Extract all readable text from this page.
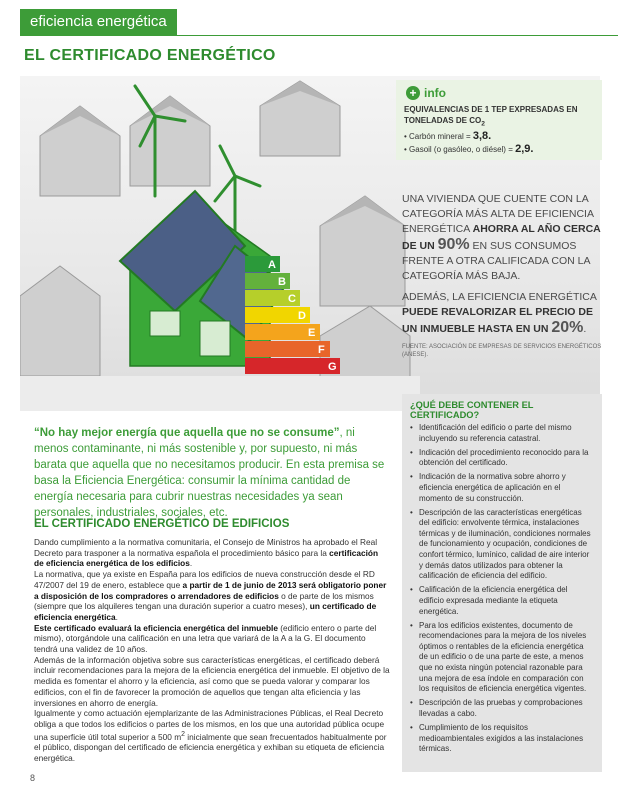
eficiencia energética
EL CERTIFICADO ENERGÉTICO
A
B
C
D
E
F
G
+ info
EQUIVALENCIAS DE 1 TEP EXPRESADAS EN TONELADAS DE $CO_2$
• Carbón mineral = 3,8.
• Gasoil (o gasóleo, o diésel) = 2,9.

UNA VIVIENDA QUE CUENTE CON LA CATEGORÍA MÁS ALTA DE EFICIENCIA ENERGÉTICA AHORRA AL AÑO CERCA DE UN 90% EN SUS CONSUMOS FRENTE A OTRA CALIFICADA CON LA CATEGORÍA MÁS BAJA.

ADEMÁS, LA EFICIENCIA ENERGÉTICA PUEDE REVALORIZAR EL PRECIO DE UN INMUEBLE HASTA EN UN 20%.

FUENTE: ASOCIACIÓN DE EMPRESAS DE SERVICIOS ENERGÉTICOS (ANESE).
“No hay mejor energía que aquella que no se consume”, ni menos contaminante, ni más sostenible y, por supuesto, ni más barata que aquella que no necesitamos producir. En esta premisa se basa la Eficiencia Energética: consumir la mínima cantidad de energía necesaria para cubrir nuestras necesidades ya sean personales, industriales, sociales, etc.
EL CERTIFICADO ENERGÉTICO DE EDIFICIOS

Dando cumplimiento a la normativa comunitaria, el Consejo de Ministros ha aprobado el Real Decreto para trasponer a la normativa española el procedimiento básico para la certificación de eficiencia energética de los edificios.

La normativa, que ya existe en España para los edificios de nueva construcción desde el RD 47/2007 del 19 de enero, establece que a partir de 1 de junio de 2013 será obligatorio poner a disposición de los compradores o arrendadores de edificios o de parte de los mismos (siempre que los alquileres tengan una duración superior a cuatro meses), un certificado de eficiencia energética.

Este certificado evaluará la eficiencia energética del inmueble (edificio entero o parte del mismo), otorgándole una calificación en una letra que variará de la A a la G. El documento tendrá una validez de 10 años.

Además de la información objetiva sobre sus características energéticas, el certificado deberá incluir recomendaciones para la mejora de la eficiencia energética del inmueble. El objetivo de la medida es fomentar el ahorro y la eficiencia, así como que se pueda valorar y comparar los edificios, con el fin de favorecer la promoción de aquellos que tengan alta eficiencia y las inversiones en ahorro de energía.

Igualmente y como actuación ejemplarizante de las Administraciones Públicas, el Real Decreto obliga a que todos los edificios o partes de los mismos, en los que una autoridad pública ocupe una superficie útil total superior a 500 $m^2$ inicialmente que sean frecuentados habitualmente por el público, dispongan del certificado de eficiencia energética y exhiban su etiqueta de eficiencia energética.

8
¿QUÉ DEBE CONTENER EL CERTIFICADO?
• Identificación del edificio o parte del mismo incluyendo su referencia catastral.
• Indicación del procedimiento reconocido para la obtención del certificado.
• Indicación de la normativa sobre ahorro y eficiencia energética de aplicación en el momento de su construcción.
• Descripción de las características energéticas del edificio: envolvente térmica, instalaciones térmicas y de iluminación, condiciones normales de funcionamiento y ocupación, condiciones de confort térmico, lumínico, calidad de aire interior y demás datos utilizados para obtener la calificación de eficiencia del edificio.
• Calificación de la eficiencia energética del edificio expresada mediante la etiqueta energética.
• Para los edificios existentes, documento de recomendaciones para la mejora de los niveles óptimos o rentables de la eficiencia energética de un edificio o de una parte de este, a menos que no exista ningún potencial razonable para una mejora de esa índole en comparación con los requisitos de eficiencia energética vigentes.
• Descripción de las pruebas y comprobaciones llevadas a cabo.
• Cumplimiento de los requisitos medioambientales exigidos a las instalaciones térmicas.
